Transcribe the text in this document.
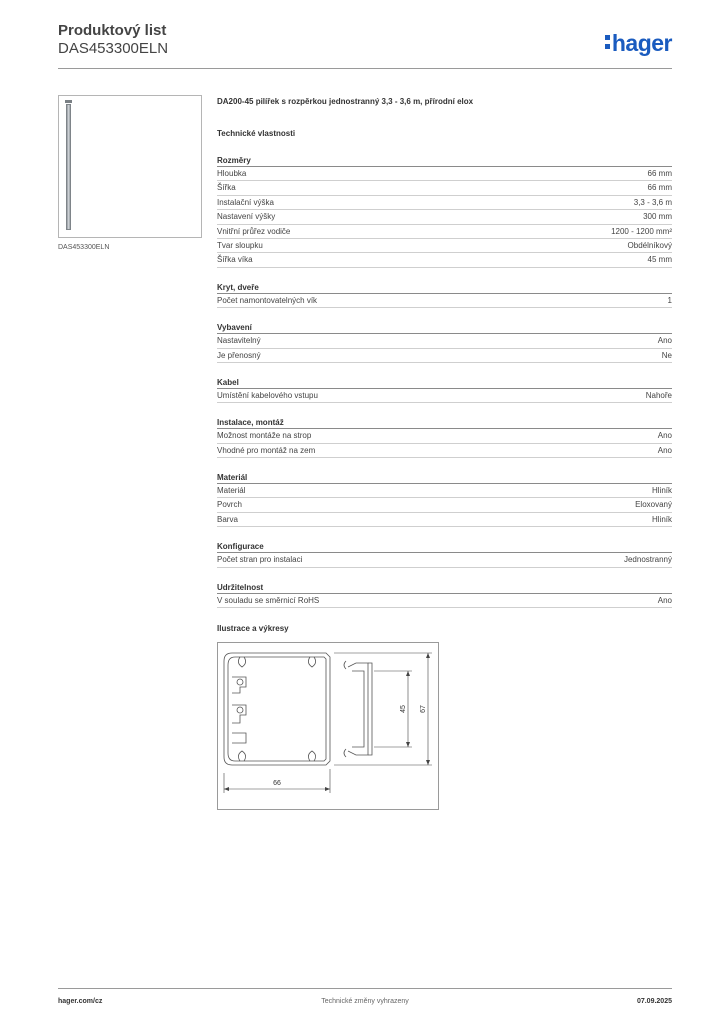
Produktový list
DAS453300ELN	hager
DAS453300ELN
DA200-45 pilířek s rozpěrkou jednostranný 3,3 - 3,6 m, přírodní elox
Technické vlastnosti
Rozměry
Hloubka	66 mm
Šířka	66 mm
Instalační výška	3,3 - 3,6 m
Nastavení výšky	300 mm
Vnitřní průřez vodiče	1200 - 1200 mm²
Tvar sloupku	Obdélníkový
Šířka víka	45 mm
Kryt, dveře
Počet namontovatelných vík	1
Vybavení
Nastavitelný	Ano
Je přenosný	Ne
Kabel
Umístění kabelového vstupu	Nahoře
Instalace, montáž
Možnost montáže na strop	Ano
Vhodné pro montáž na zem	Ano
Materiál
Materiál	Hliník
Povrch	Eloxovaný
Barva	Hliník
Konfigurace
Počet stran pro instalaci	Jednostranný
Udržitelnost
V souladu se směrnicí RoHS	Ano
Ilustrace a výkresy
66
45 67
hager.com/cz	Technické změny vyhrazeny	07.09.2025
